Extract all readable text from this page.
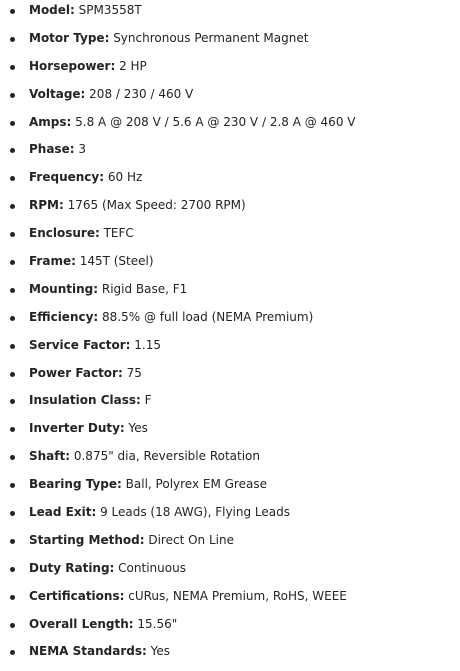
Model: SPM3558T
Motor Type: Synchronous Permanent Magnet
Horsepower: 2 HP
Voltage: 208 / 230 / 460 V
Amps: 5.8 A @ 208 V / 5.6 A @ 230 V / 2.8 A @ 460 V
Phase: 3
Frequency: 60 Hz
RPM: 1765 (Max Speed: 2700 RPM)
Enclosure: TEFC
Frame: 145T (Steel)
Mounting: Rigid Base, F1
Efficiency: 88.5% @ full load (NEMA Premium)
Service Factor: 1.15
Power Factor: 75
Insulation Class: F
Inverter Duty: Yes
Shaft: 0.875" dia, Reversible Rotation
Bearing Type: Ball, Polyrex EM Grease
Lead Exit: 9 Leads (18 AWG), Flying Leads
Starting Method: Direct On Line
Duty Rating: Continuous
Certifications: cURus, NEMA Premium, RoHS, WEEE
Overall Length: 15.56"
NEMA Standards: Yes
